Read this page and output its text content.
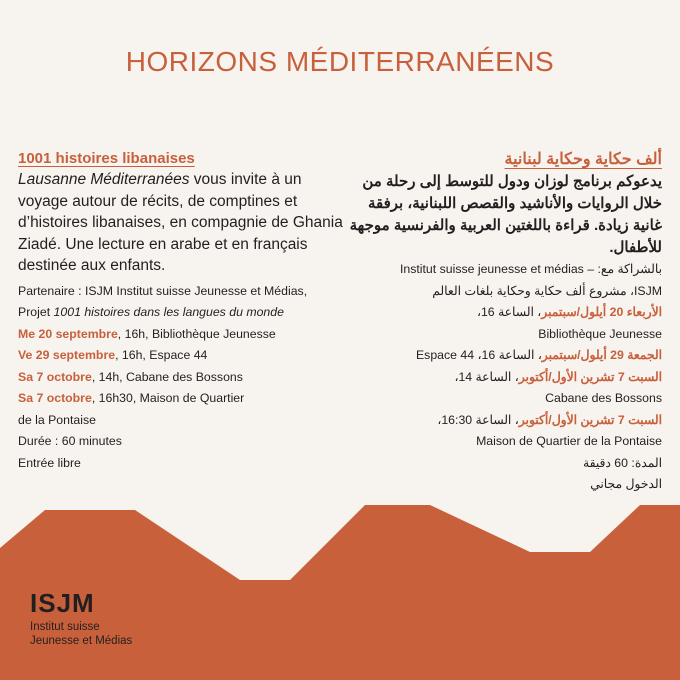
HORIZONS MÉDITERRANÉENS
1001 histoires libanaises
Lausanne Méditerranées vous invite à un voyage autour de récits, de comptines et d’histoires libanaises, en compagnie de Ghania Ziadé. Une lecture en arabe et en français destinée aux enfants.
Partenaire : ISJM Institut suisse Jeunesse et Médias,
Projet 1001 histoires dans les langues du monde
Me 20 septembre, 16h, Bibliothèque Jeunesse
Ve 29 septembre, 16h, Espace 44
Sa 7 octobre, 14h, Cabane des Bossons
Sa 7 octobre, 16h30, Maison de Quartier
de la Pontaise
Durée : 60 minutes
Entrée libre
ألف حكاية وحكاية لبنانية
يدعوكم برنامج لوزان ودول للتوسط إلى رحلة من خلال الروايات والأناشيد والقصص اللبنانية، برفقة غانية زيادة. قراءة باللغتين العربية والفرنسية موجهة للأطفال.
بالشراكة مع: – Institut suisse jeunesse et médias
ISJM، مشروع ألف حكاية وحكاية بلغات العالم
الأربعاء 20 أيلول/سبتمبر، الساعة 16،
Bibliothèque Jeunesse
الجمعة 29 أيلول/سبتمبر، الساعة 16، Espace 44
السبت 7 تشرين الأول/أكتوبر، الساعة 14،
Cabane des Bossons
السبت 7 تشرين الأول/أكتوبر، الساعة 16:30،
Maison de Quartier de la Pontaise
المدة: 60 دقيقة
الدخول مجاني
ISJM
Institut suisse
Jeunesse et Médias
